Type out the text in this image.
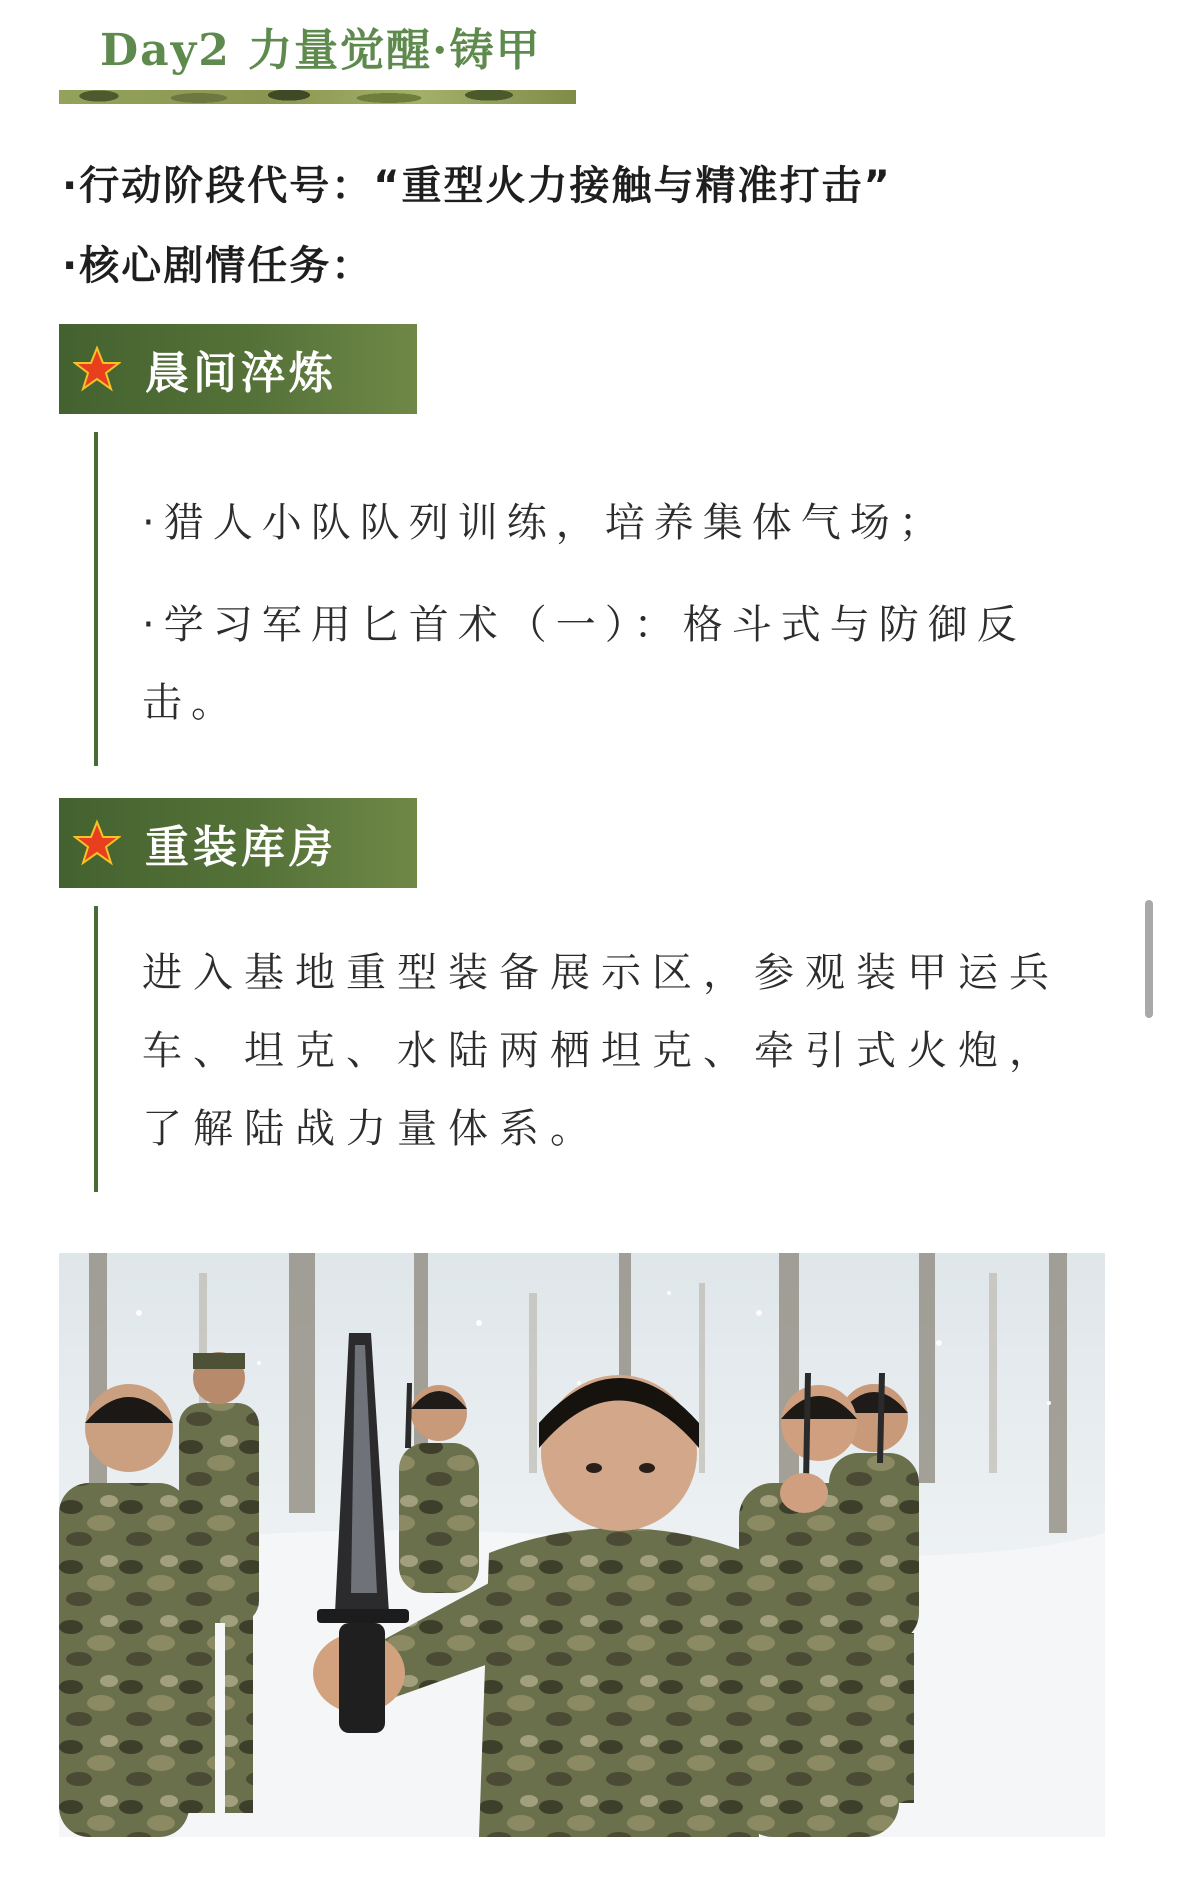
Day2 力量觉醒·铸甲
·行动阶段代号：“重型火力接触与精准打击”
·核心剧情任务：
晨间淬炼

·猎人小队队列训练，培养集体气场；

·学习军用匕首术（一）：格斗式与防御反击。

重装库房

进入基地重型装备展示区，参观装甲运兵车、坦克、水陆两栖坦克、牵引式火炮，了解陆战力量体系。
